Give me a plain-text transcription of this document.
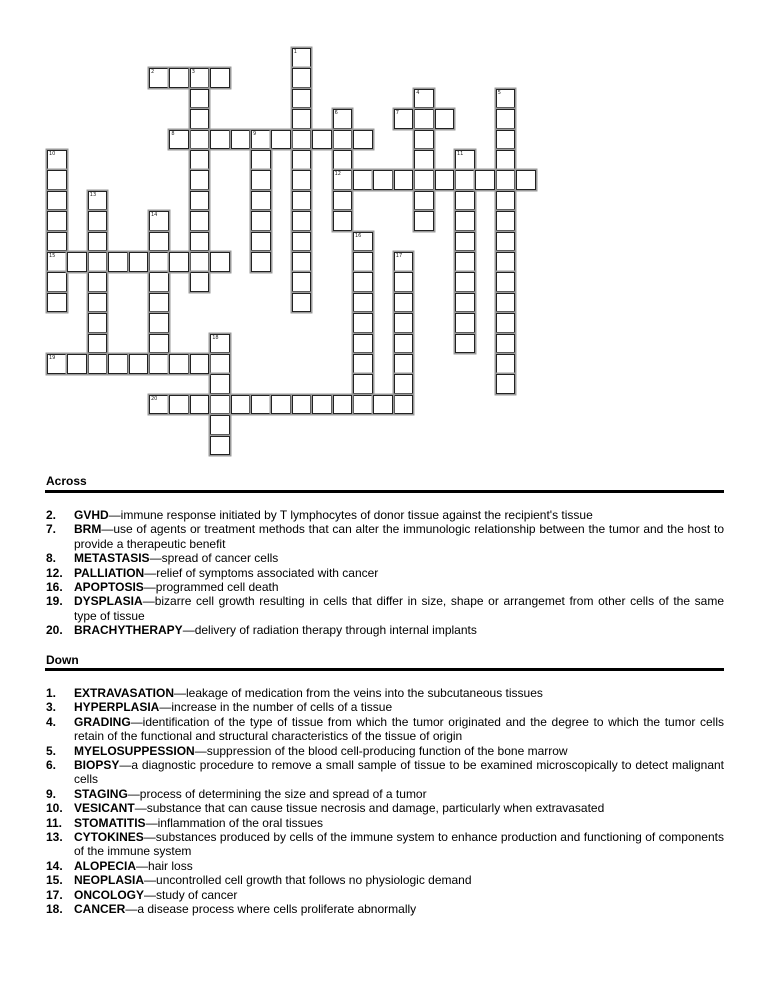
1
2	3
4	5
6
12
7
8	9
10
15
11
13
14
16
17
18
19
20
Across
2. GVHD—immune response initiated by T lymphocytes of donor tissue against the recipient's tissue
7. BRM—use of agents or treatment methods that can alter the immunologic relationship between the tumor and the host to provide a therapeutic benefit
8. METASTASIS—spread of cancer cells
12. PALLIATION—relief of symptoms associated with cancer
16. APOPTOSIS—programmed cell death
19. DYSPLASIA—bizarre cell growth resulting in cells that differ in size, shape or arrangemet from other cells of the same type of tissue
20. BRACHYTHERAPY—delivery of radiation therapy through internal implants
Down
1. EXTRAVASATION—leakage of medication from the veins into the subcutaneous tissues
3. HYPERPLASIA—increase in the number of cells of a tissue
4. GRADING—identification of the type of tissue from which the tumor originated and the degree to which the tumor cells retain of the functional and structural characteristics of the tissue of origin
5. MYELOSUPPESSION—suppression of the blood cell-producing function of the bone marrow
6. BIOPSY—a diagnostic procedure to remove a small sample of tissue to be examined microscopically to detect malignant cells
9. STAGING—process of determining the size and spread of a tumor
10. VESICANT—substance that can cause tissue necrosis and damage, particularly when extravasated
11. STOMATITIS—inflammation of the oral tissues
13. CYTOKINES—substances produced by cells of the immune system to enhance production and functioning of components of the immune system
14. ALOPECIA—hair loss
15. NEOPLASIA—uncontrolled cell growth that follows no physiologic demand
17. ONCOLOGY—study of cancer
18. CANCER—a disease process where cells proliferate abnormally
